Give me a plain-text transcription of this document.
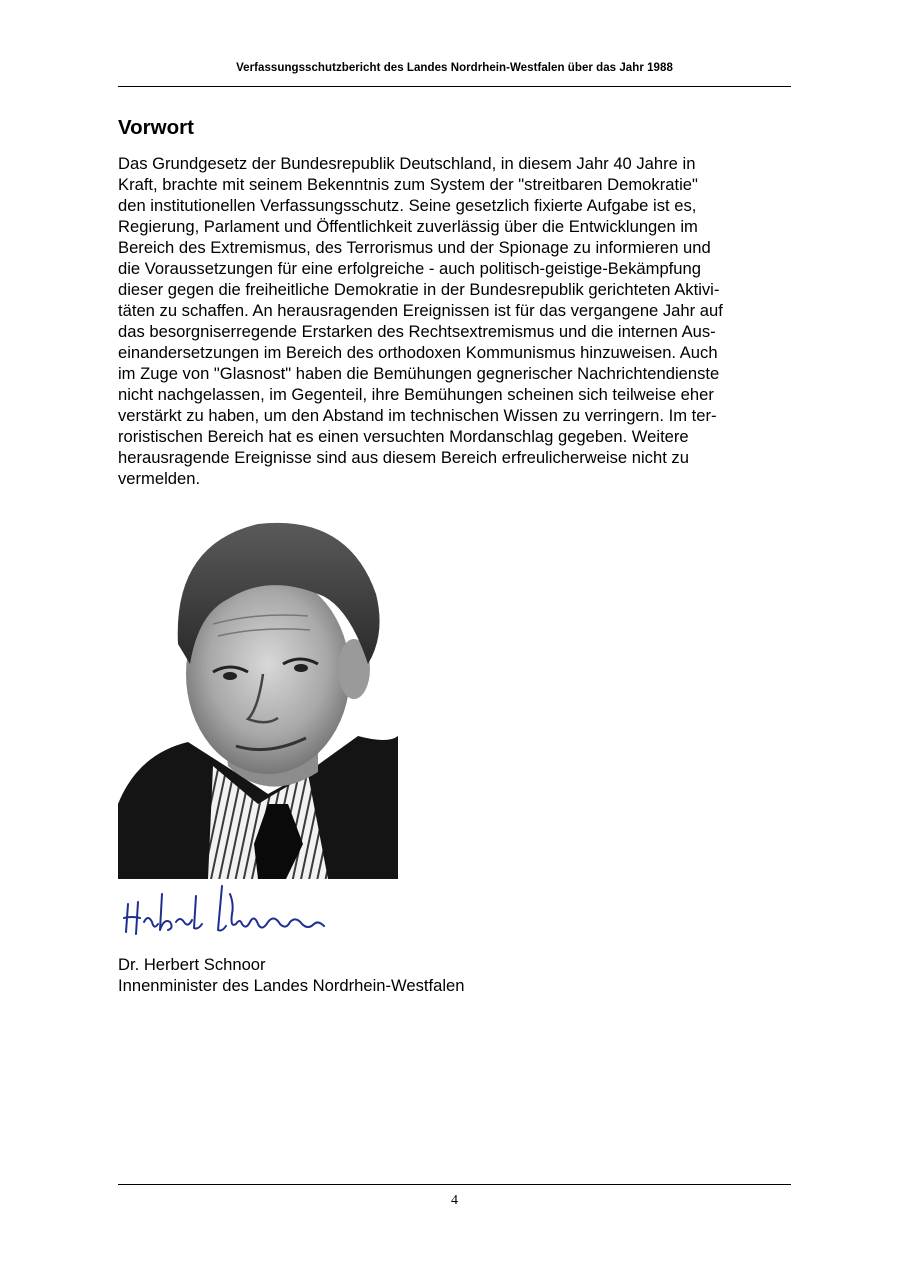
Verfassungsschutzbericht des Landes Nordrhein-Westfalen über das Jahr 1988
Vorwort
Das Grundgesetz der Bundesrepublik Deutschland, in diesem Jahr 40 Jahre in
Kraft, brachte mit seinem Bekenntnis zum System der "streitbaren Demokratie"
den institutionellen Verfassungsschutz. Seine gesetzlich fixierte Aufgabe ist es,
Regierung, Parlament und Öffentlichkeit zuverlässig über die Entwicklungen im
Bereich des Extremismus, des Terrorismus und der Spionage zu informieren und
die Voraussetzungen für eine erfolgreiche - auch politisch-geistige-Bekämpfung
dieser gegen die freiheitliche Demokratie in der Bundesrepublik gerichteten Aktivi-
täten zu schaffen. An herausragenden Ereignissen ist für das vergangene Jahr auf
das besorgniserregende Erstarken des Rechtsextremismus und die internen Aus-
einandersetzungen im Bereich des orthodoxen Kommunismus hinzuweisen. Auch
im Zuge von "Glasnost" haben die Bemühungen gegnerischer Nachrichtendienste
nicht nachgelassen, im Gegenteil, ihre Bemühungen scheinen sich teilweise eher
verstärkt zu haben, um den Abstand im technischen Wissen zu verringern. Im ter-
roristischen Bereich hat es einen versuchten Mordanschlag gegeben. Weitere
herausragende Ereignisse sind aus diesem Bereich erfreulicherweise nicht zu
vermelden.
Dr. Herbert Schnoor
Innenminister des Landes Nordrhein-Westfalen
4
